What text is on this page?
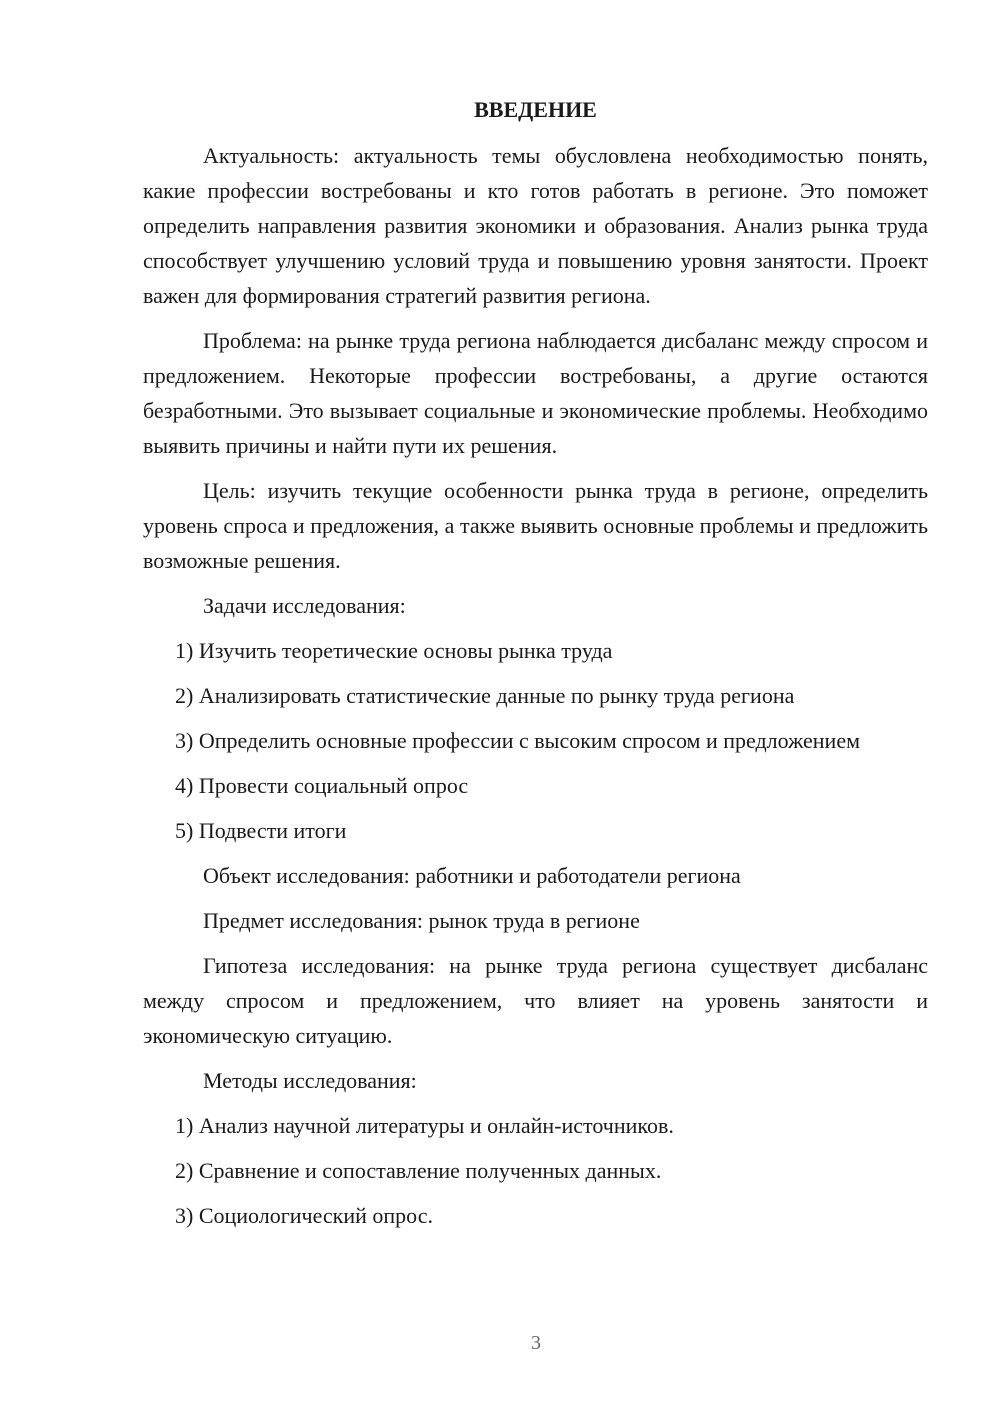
ВВЕДЕНИЕ

Актуальность: актуальность темы обусловлена необходимостью понять, какие профессии востребованы и кто готов работать в регионе. Это поможет определить направления развития экономики и образования. Анализ рынка труда способствует улучшению условий труда и повышению уровня занятости. Проект важен для формирования стратегий развития региона.

Проблема: на рынке труда региона наблюдается дисбаланс между спросом и предложением. Некоторые профессии востребованы, а другие остаются безработными. Это вызывает социальные и экономические проблемы. Необходимо выявить причины и найти пути их решения.

Цель: изучить текущие особенности рынка труда в регионе, определить уровень спроса и предложения, а также выявить основные проблемы и предложить возможные решения.

Задачи исследования:

1) Изучить теоретические основы рынка труда

2) Анализировать статистические данные по рынку труда региона

3) Определить основные профессии с высоким спросом и предложением

4) Провести социальный опрос

5) Подвести итоги

Объект исследования: работники и работодатели региона

Предмет исследования: рынок труда в регионе

Гипотеза исследования: на рынке труда региона существует дисбаланс между спросом и предложением, что влияет на уровень занятости и экономическую ситуацию.

Методы исследования:

1) Анализ научной литературы и онлайн-источников.

2) Сравнение и сопоставление полученных данных.

3) Социологический опрос.

3
